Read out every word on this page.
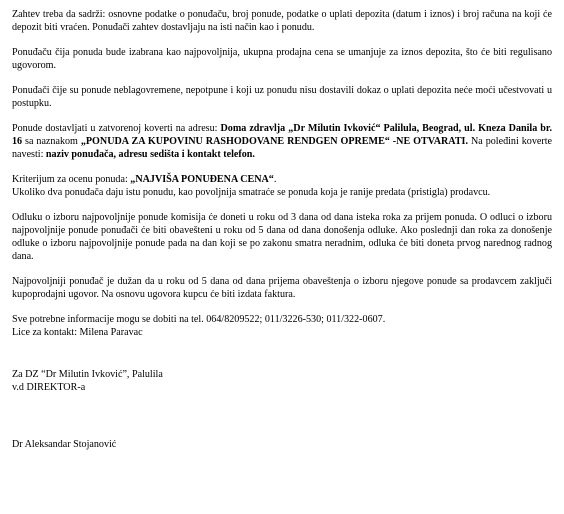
Zahtev treba da sadrži: osnovne podatke o ponuđaču, broj ponude, podatke o uplati depozita (datum i iznos) i broj računa na koji će depozit biti vraćen. Ponuđači zahtev dostavljaju na isti način kao i ponudu.

Ponuđaču čija ponuda bude izabrana kao najpovoljnija, ukupna prodajna cena se umanjuje za iznos depozita, što će biti regulisano ugovorom.

Ponuđači čije su ponude neblagovremene, nepotpune i koji uz ponudu nisu dostavili dokaz o uplati depozita neće moći učestvovati u postupku.

Ponude dostavljati u zatvorenoj koverti na adresu: Doma zdravlja „Dr Milutin Ivković“ Palilula, Beograd, ul. Kneza Danila br. 16 sa naznakom „PONUDA ZA KUPOVINU RASHODOVANE RENDGEN OPREME“ -NE OTVARATI. Na poleđini koverte navesti: naziv ponuđača, adresu sedišta i kontakt telefon.

Kriterijum za ocenu ponuda: „NAJVIŠA PONUĐENA CENA“.

Ukoliko dva ponuđača daju istu ponudu, kao povoljnija smatraće se ponuda koja je ranije predata (pristigla) prodavcu.

Odluku o izboru najpovoljnije ponude komisija će doneti u roku od 3 dana od dana isteka roka za prijem ponuda. O odluci o izboru najpovoljnije ponude ponuđači će biti obavešteni u roku od 5 dana od dana donošenja odluke. Ako poslednji dan roka za donošenje odluke o izboru najpovoljnije ponude pada na dan koji se po zakonu smatra neradnim, odluka će biti doneta prvog narednog radnog dana.

Najpovoljniji ponuđač je dužan da u roku od 5 dana od dana prijema obaveštenja o izboru njegove ponude sa prodavcem zaključi kupoprodajni ugovor. Na osnovu ugovora kupcu će biti izdata faktura.

Sve potrebne informacije mogu se dobiti na tel. 064/8209522; 011/3226-530; 011/322-0607.

Lice za kontakt: Milena Paravac

Za DZ “Dr Milutin Ivković”, Palulila

v.d DIREKTOR-a

Dr Aleksandar Stojanović
